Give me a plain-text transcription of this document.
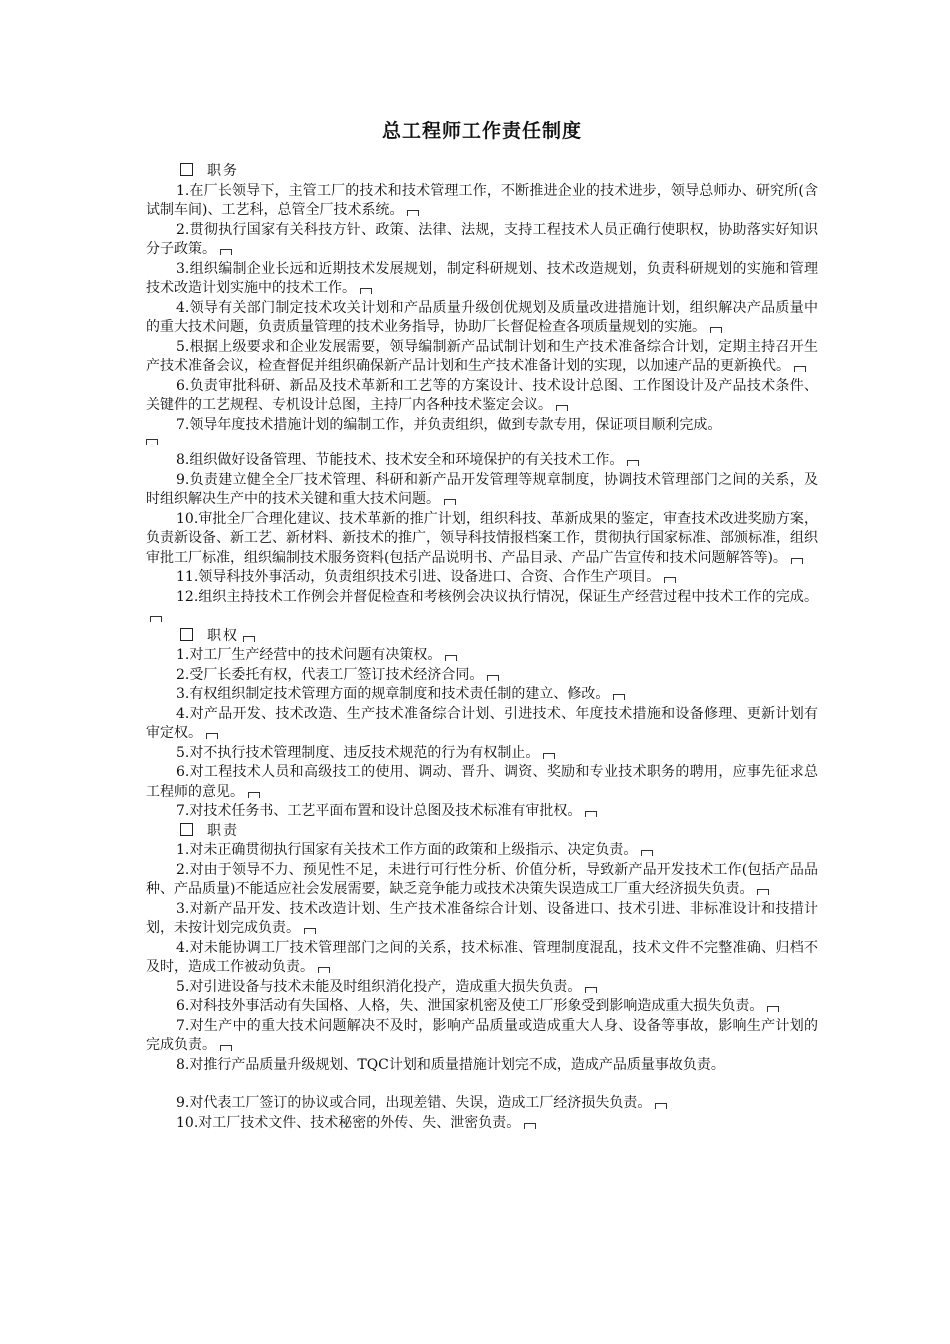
总工程师工作责任制度
职务

1.在厂长领导下，主管工厂的技术和技术管理工作，不断推进企业的技术进步，领导总师办、研究所(含试制车间)、工艺科，总管全厂技术系统。

2.贯彻执行国家有关科技方针、政策、法律、法规，支持工程技术人员正确行使职权，协助落实好知识分子政策。

3.组织编制企业长远和近期技术发展规划，制定科研规划、技术改造规划，负责科研规划的实施和管理技术改造计划实施中的技术工作。

4.领导有关部门制定技术攻关计划和产品质量升级创优规划及质量改进措施计划，组织解决产品质量中的重大技术问题，负责质量管理的技术业务指导，协助厂长督促检查各项质量规划的实施。

5.根据上级要求和企业发展需要，领导编制新产品试制计划和生产技术准备综合计划，定期主持召开生产技术准备会议，检查督促并组织确保新产品计划和生产技术准备计划的实现，以加速产品的更新换代。

6.负责审批科研、新品及技术革新和工艺等的方案设计、技术设计总图、工作图设计及产品技术条件、关键件的工艺规程、专机设计总图，主持厂内各种技术鉴定会议。

7.领导年度技术措施计划的编制工作，并负责组织，做到专款专用，保证项目顺利完成。

8.组织做好设备管理、节能技术、技术安全和环境保护的有关技术工作。

9.负责建立健全全厂技术管理、科研和新产品开发管理等规章制度，协调技术管理部门之间的关系，及时组织解决生产中的技术关键和重大技术问题。

10.审批全厂合理化建议、技术革新的推广计划，组织科技、革新成果的鉴定，审查技术改进奖励方案，负责新设备、新工艺、新材料、新技术的推广，领导科技情报档案工作，贯彻执行国家标准、部颁标准，组织审批工厂标准，组织编制技术服务资料(包括产品说明书、产品目录、产品广告宣传和技术问题解答等)。

11.领导科技外事活动，负责组织技术引进、设备进口、合资、合作生产项目。

12.组织主持技术工作例会并督促检查和考核例会决议执行情况，保证生产经营过程中技术工作的完成。

职权

1.对工厂生产经营中的技术问题有决策权。

2.受厂长委托有权，代表工厂签订技术经济合同。

3.有权组织制定技术管理方面的规章制度和技术责任制的建立、修改。

4.对产品开发、技术改造、生产技术准备综合计划、引进技术、年度技术措施和设备修理、更新计划有审定权。

5.对不执行技术管理制度、违反技术规范的行为有权制止。

6.对工程技术人员和高级技工的使用、调动、晋升、调资、奖励和专业技术职务的聘用，应事先征求总工程师的意见。

7.对技术任务书、工艺平面布置和设计总图及技术标准有审批权。

职责

1.对未正确贯彻执行国家有关技术工作方面的政策和上级指示、决定负责。

2.对由于领导不力、预见性不足，未进行可行性分析、价值分析，导致新产品开发技术工作(包括产品品种、产品质量)不能适应社会发展需要，缺乏竞争能力或技术决策失误造成工厂重大经济损失负责。

3.对新产品开发、技术改造计划、生产技术准备综合计划、设备进口、技术引进、非标准设计和技措计划，未按计划完成负责。

4.对未能协调工厂技术管理部门之间的关系，技术标准、管理制度混乱，技术文件不完整准确、归档不及时，造成工作被动负责。

5.对引进设备与技术未能及时组织消化投产，造成重大损失负责。

6.对科技外事活动有失国格、人格，失、泄国家机密及使工厂形象受到影响造成重大损失负责。

7.对生产中的重大技术问题解决不及时，影响产品质量或造成重大人身、设备等事故，影响生产计划的完成负责。

8.对推行产品质量升级规划、TQC计划和质量措施计划完不成，造成产品质量事故负责。

9.对代表工厂签订的协议或合同，出现差错、失误，造成工厂经济损失负责。

10.对工厂技术文件、技术秘密的外传、失、泄密负责。
